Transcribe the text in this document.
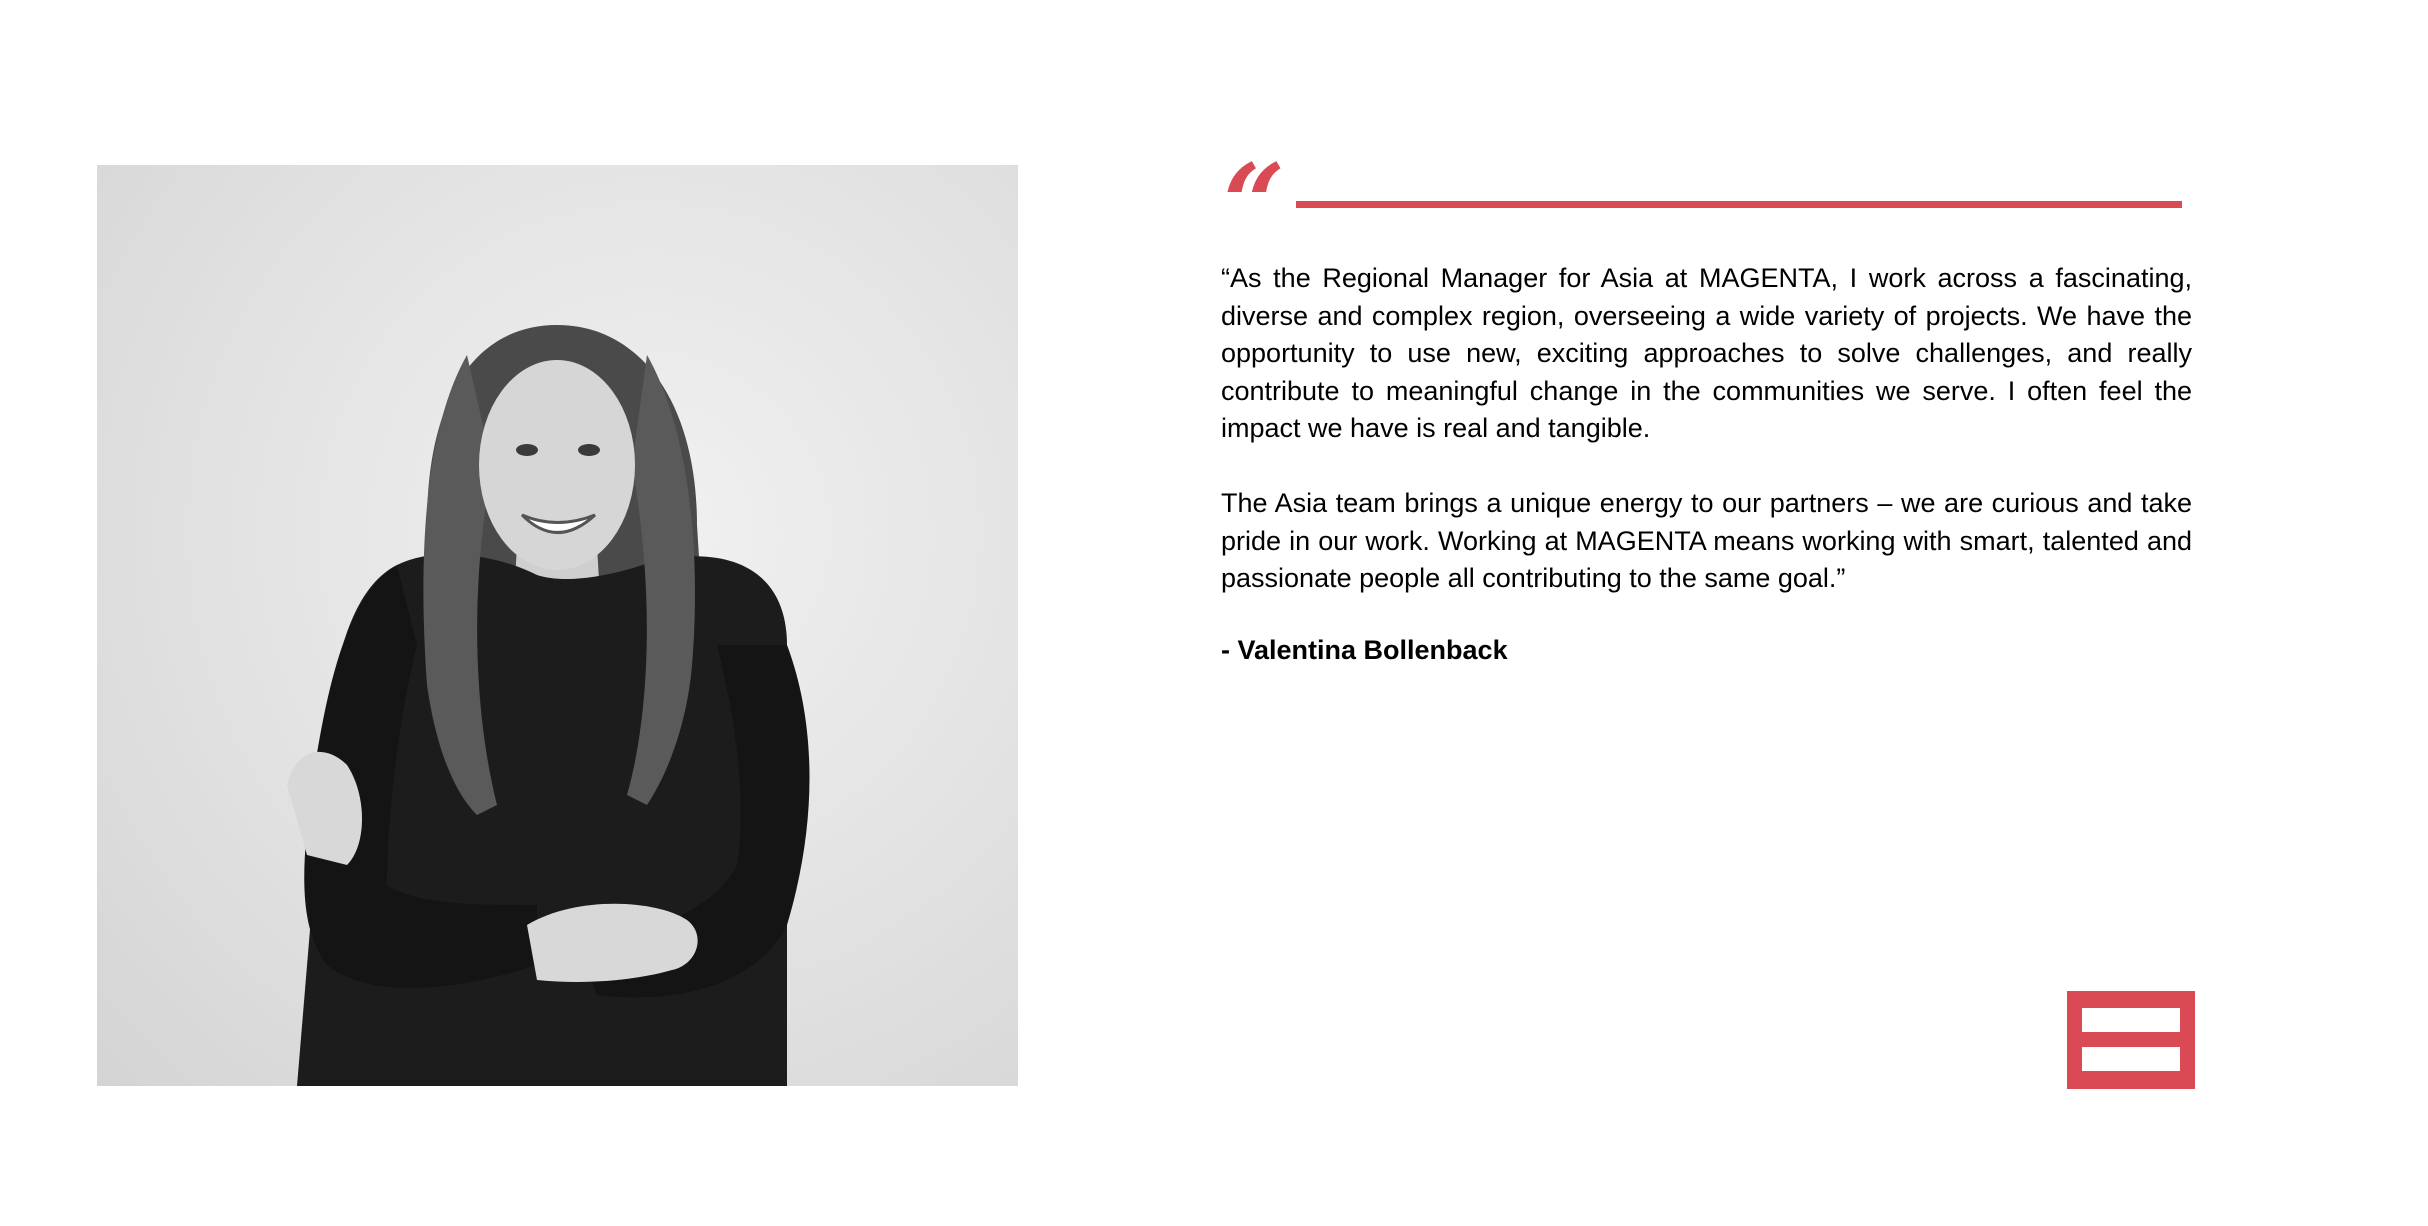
“

“As the Regional Manager for Asia at MAGENTA, I work across a fascinating, diverse and complex region, overseeing a wide variety of projects. We have the opportunity to use new, exciting approaches to solve challenges, and really contribute to meaningful change in the communities we serve. I often feel the impact we have is real and tangible.

The Asia team brings a unique energy to our partners – we are curious and take pride in our work. Working at MAGENTA means working with smart, talented and passionate people all contributing to the same goal.”

- Valentina Bollenback
